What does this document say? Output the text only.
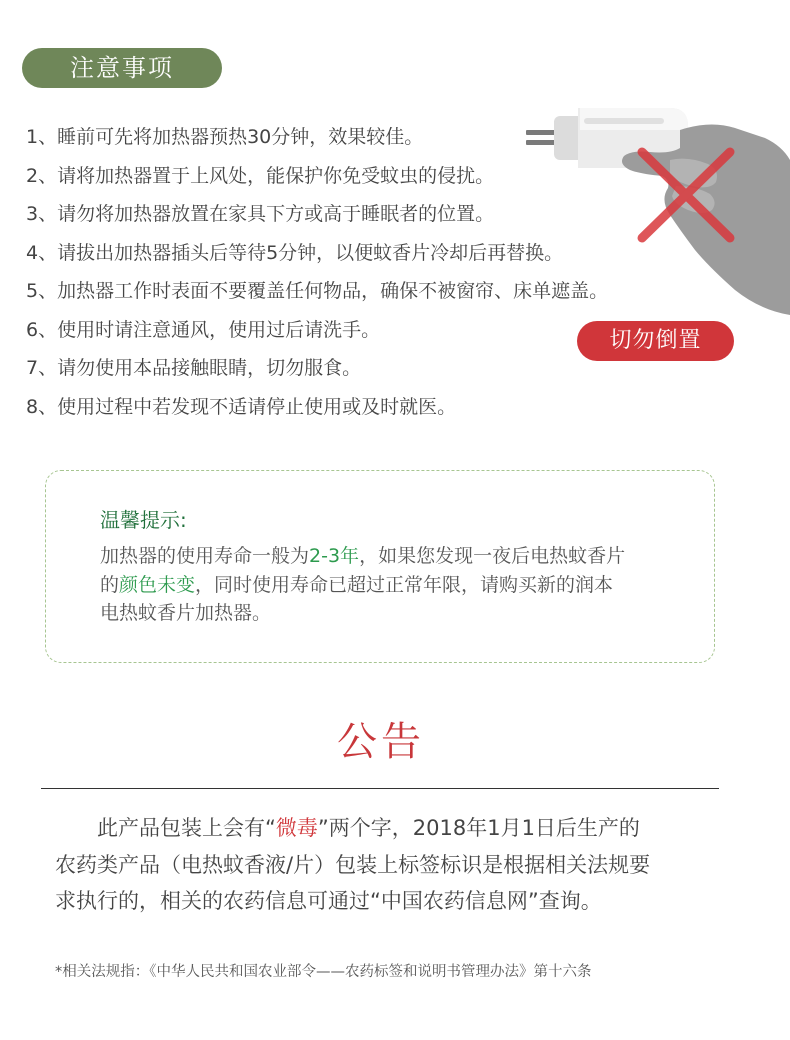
注意事项
1、睡前可先将加热器预热30分钟，效果较佳。
2、请将加热器置于上风处，能保护你免受蚊虫的侵扰。
3、请勿将加热器放置在家具下方或高于睡眠者的位置。
4、请拔出加热器插头后等待5分钟，以便蚊香片冷却后再替换。
5、加热器工作时表面不要覆盖任何物品，确保不被窗帘、床单遮盖。
6、使用时请注意通风，使用过后请洗手。
7、请勿使用本品接触眼睛，切勿服食。
8、使用过程中若发现不适请停止使用或及时就医。
切勿倒置
温馨提示:
加热器的使用寿命一般为2-3年，如果您发现一夜后电热蚊香片
的颜色未变，同时使用寿命已超过正常年限，请购买新的润本
电热蚊香片加热器。
公告
　　此产品包装上会有“微毒”两个字，2018年1月1日后生产的
农药类产品（电热蚊香液/片）包装上标签标识是根据相关法规要
求执行的，相关的农药信息可通过“中国农药信息网”查询。
*相关法规指：《中华人民共和国农业部令——农药标签和说明书管理办法》第十六条
